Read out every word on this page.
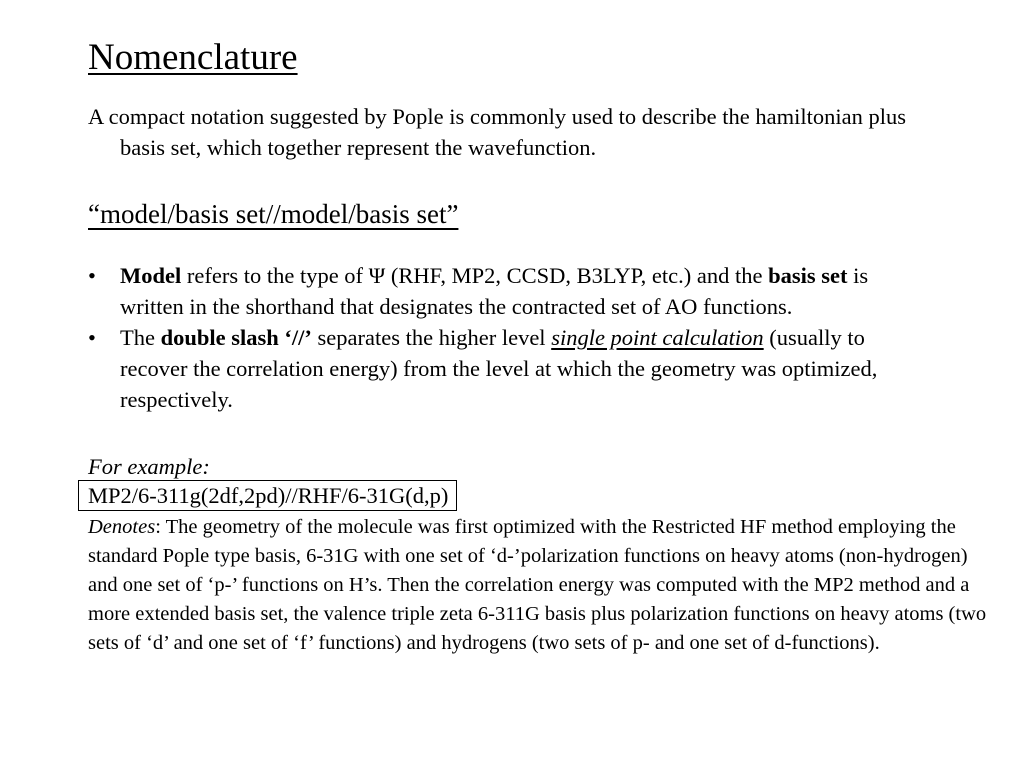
Nomenclature
A compact notation suggested by Pople is commonly used to describe the hamiltonian plus basis set, which together represent the wavefunction.
“model/basis set//model/basis set”
• Model refers to the type of Ψ (RHF, MP2, CCSD, B3LYP, etc.) and the basis set is written in the shorthand that designates the contracted set of AO functions.
• The double slash ‘//’ separates the higher level single point calculation (usually to recover the correlation energy) from the level at which the geometry was optimized, respectively.
For example:
MP2/6-311g(2df,2pd)//RHF/6-31G(d,p)
Denotes: The geometry of the molecule was first optimized with the Restricted HF method employing the standard Pople type basis, 6-31G with one set of ‘d-’polarization functions on heavy atoms (non-hydrogen) and one set of ‘p-’ functions on H’s. Then the correlation energy was computed with the MP2 method and a more extended basis set, the valence triple zeta 6-311G basis plus polarization functions on heavy atoms (two sets of ‘d’ and one set of ‘f’ functions) and hydrogens (two sets of p- and one set of d-functions).
